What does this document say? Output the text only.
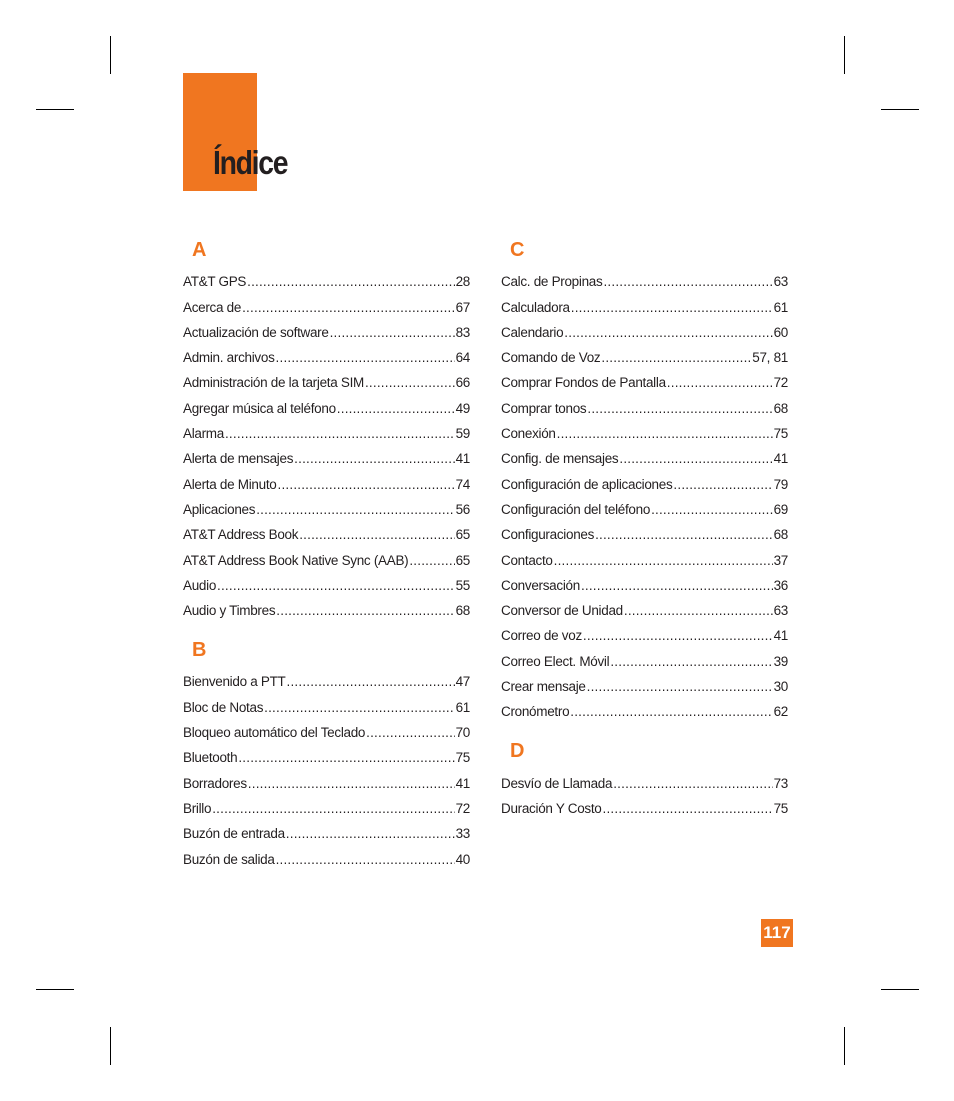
Índice
A
AT&T GPS .....	28
Acerca de .....	67
Actualización de software .....	83
Admin. archivos .....	64
Administración de la tarjeta SIM .....	66
Agregar música al teléfono .....	49
Alarma .....	59
Alerta de mensajes .....	41
Alerta de Minuto .....	74
Aplicaciones .....	56
AT&T Address Book .....	65
AT&T Address Book Native Sync (AAB) .....	65
Audio .....	55
Audio y Timbres .....	68
B
Bienvenido a PTT .....	47
Bloc de Notas .....	61
Bloqueo automático del Teclado .....	70
Bluetooth .....	75
Borradores .....	41
Brillo .....	72
Buzón de entrada .....	33
Buzón de salida .....	40
C
Calc. de Propinas .....	63
Calculadora .....	61
Calendario .....	60
Comando de Voz .....	57, 81
Comprar Fondos de Pantalla .....	72
Comprar tonos .....	68
Conexión .....	75
Config. de mensajes .....	41
Configuración de aplicaciones .....	79
Configuración del teléfono .....	69
Configuraciones .....	68
Contacto .....	37
Conversación .....	36
Conversor de Unidad .....	63
Correo de voz .....	41
Correo Elect. Móvil .....	39
Crear mensaje .....	30
Cronómetro .....	62
D
Desvío de Llamada .....	73
Duración Y Costo .....	75
117
